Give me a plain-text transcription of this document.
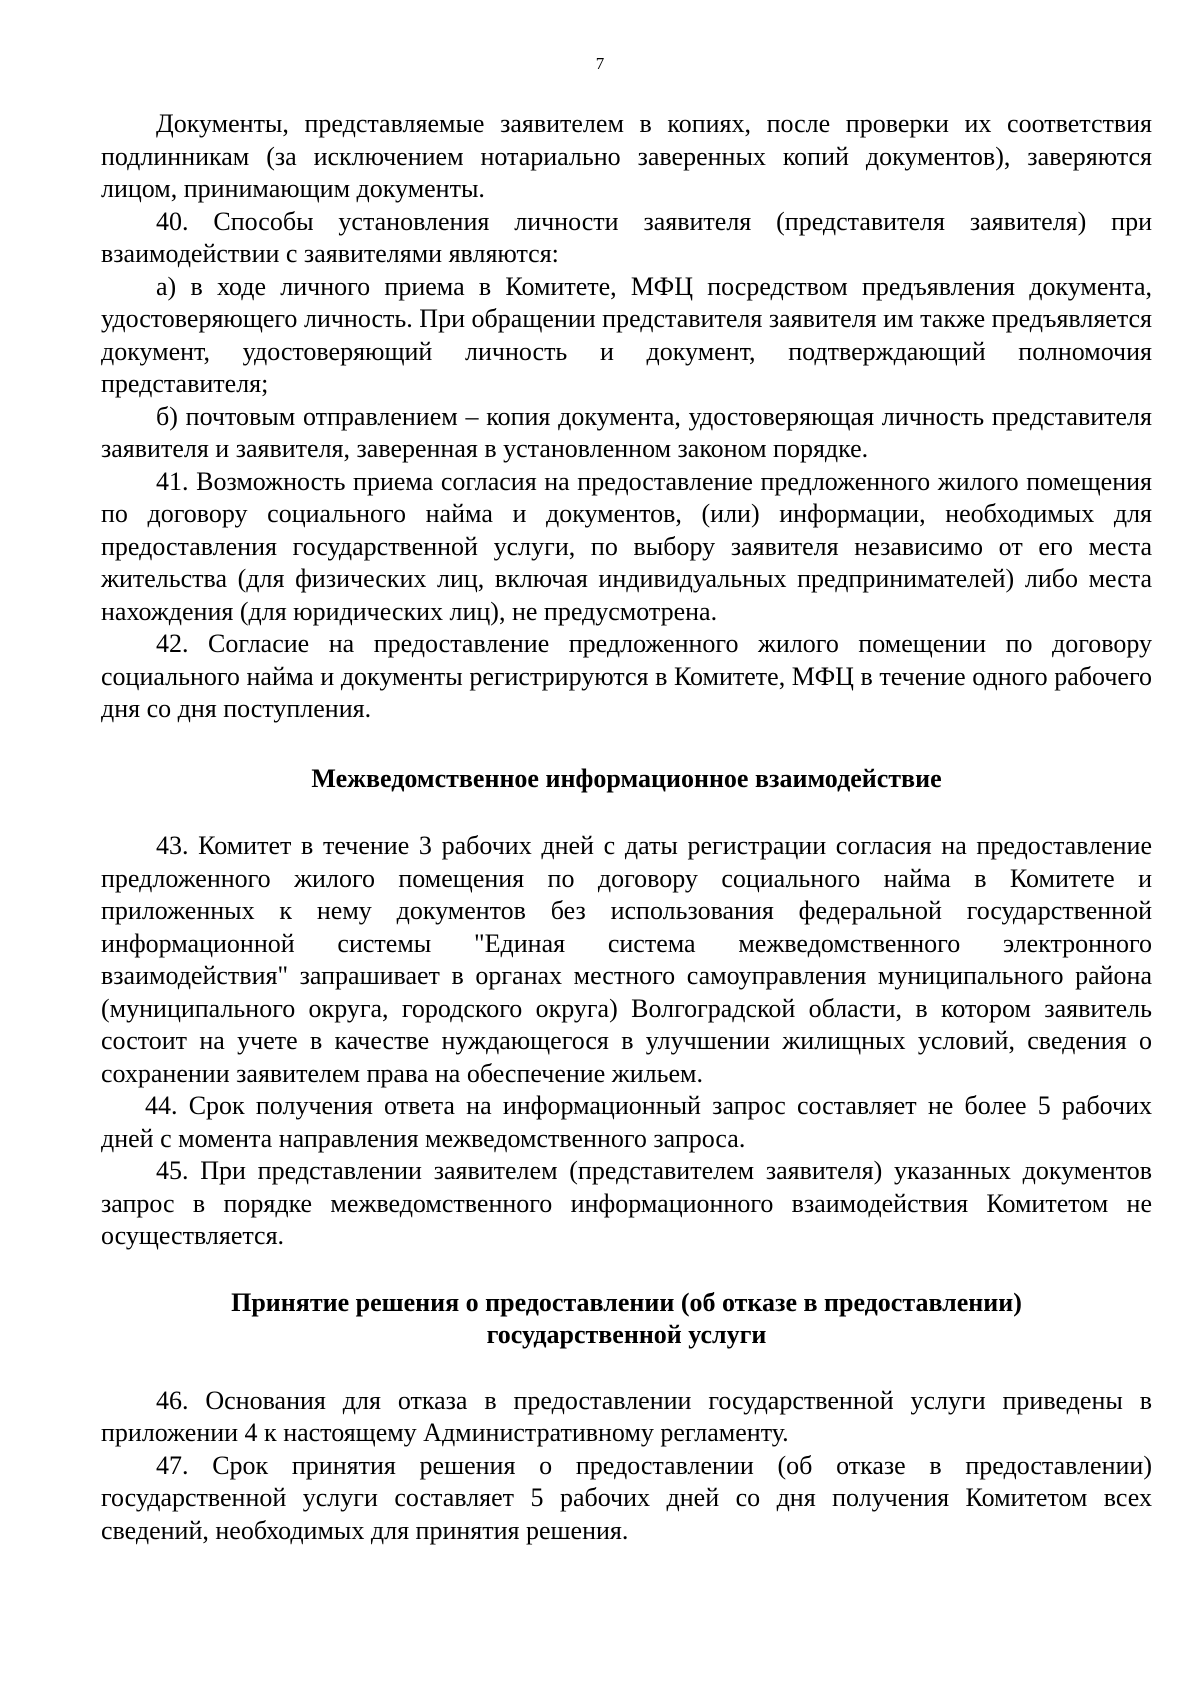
7

Документы, представляемые заявителем в копиях, после проверки их соответствия подлинникам (за исключением нотариально заверенных копий документов), заверяются лицом, принимающим документы.

40. Способы установления личности заявителя (представителя заявителя) при взаимодействии с заявителями являются:

а) в ходе личного приема в Комитете, МФЦ посредством предъявления документа, удостоверяющего личность. При обращении представителя заявителя им также предъявляется документ, удостоверяющий личность и документ, подтверждающий полномочия представителя;

б) почтовым отправлением – копия документа, удостоверяющая личность представителя заявителя и заявителя, заверенная в установленном законом порядке.

41. Возможность приема согласия на предоставление предложенного жилого помещения по договору социального найма и документов, (или) информации, необходимых для предоставления государственной услуги, по выбору заявителя независимо от его места жительства (для физических лиц, включая индивидуальных предпринимателей) либо места нахождения (для юридических лиц), не предусмотрена.

42. Согласие на предоставление предложенного жилого помещении по договору социального найма и документы регистрируются в Комитете, МФЦ в течение одного рабочего дня со дня поступления.

Межведомственное информационное взаимодействие

43. Комитет в течение 3 рабочих дней с даты регистрации согласия на предоставление предложенного жилого помещения по договору социального найма в Комитете и приложенных к нему документов без использования федеральной государственной информационной системы "Единая система межведомственного электронного взаимодействия" запрашивает в органах местного самоуправления муниципального района (муниципального округа, городского округа) Волгоградской области, в котором заявитель состоит на учете в качестве нуждающегося в улучшении жилищных условий, сведения о сохранении заявителем права на обеспечение жильем.

44. Срок получения ответа на информационный запрос составляет не более 5 рабочих дней с момента направления межведомственного запроса.

45. При представлении заявителем (представителем заявителя) указанных документов запрос в порядке межведомственного информационного взаимодействия Комитетом не осуществляется.

Принятие решения о предоставлении (об отказе в предоставлении)
государственной услуги

46. Основания для отказа в предоставлении государственной услуги приведены в приложении 4 к настоящему Административному регламенту.

47. Срок принятия решения о предоставлении (об отказе в предоставлении) государственной услуги составляет 5 рабочих дней со дня получения Комитетом всех сведений, необходимых для принятия решения.
